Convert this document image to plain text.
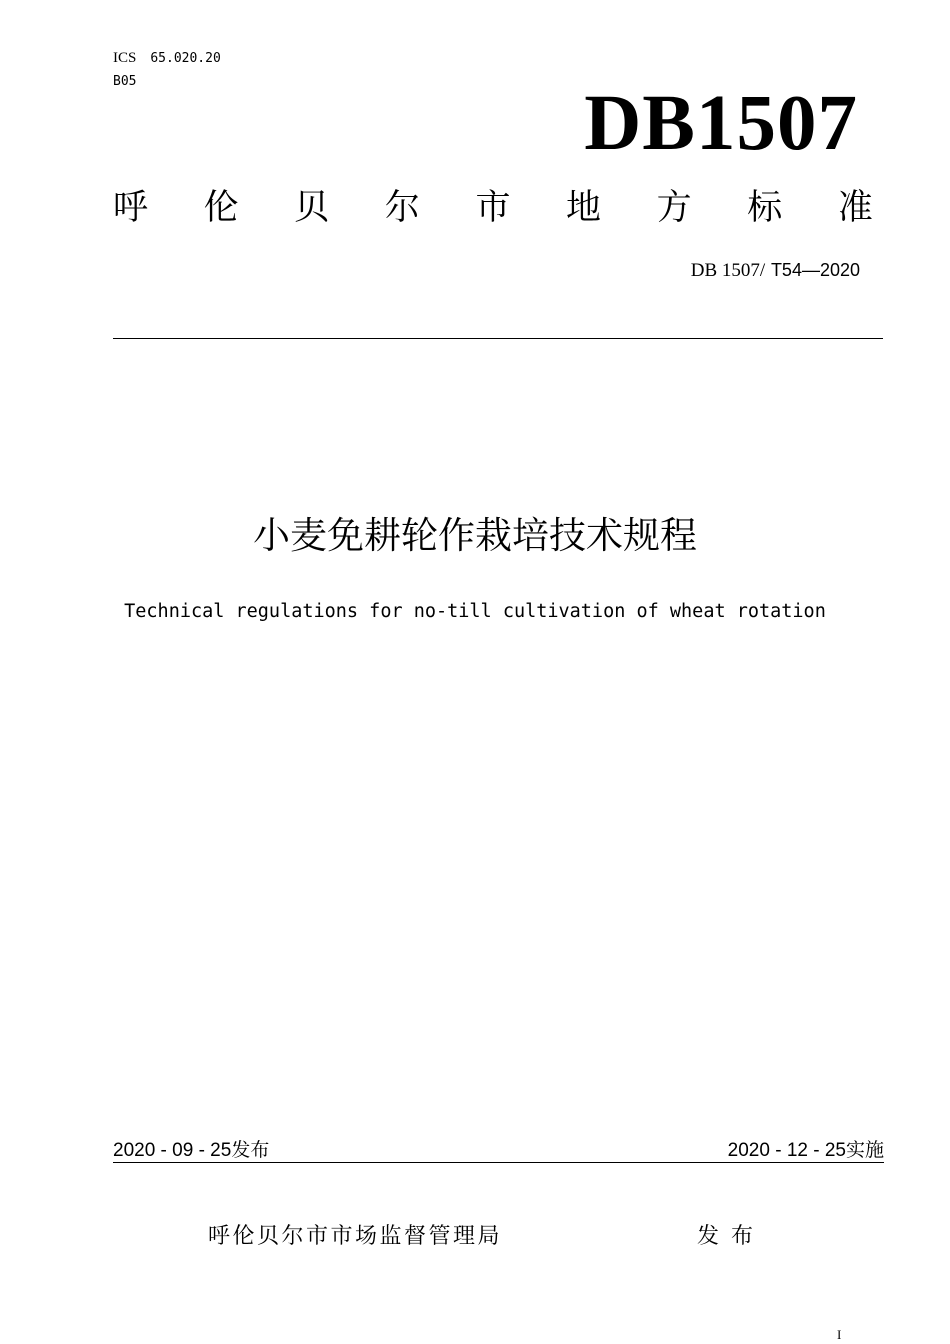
ICS 65.020.20
B05	DB1507
呼 伦 贝 尔 市 地 方 标 准
DB 1507/ T54—2020
小麦免耕轮作栽培技术规程
Technical regulations for no-till cultivation of wheat rotation
2020 - 09 - 25发布	2020 - 12 - 25实施
呼伦贝尔市市场监督管理局	发布
I
